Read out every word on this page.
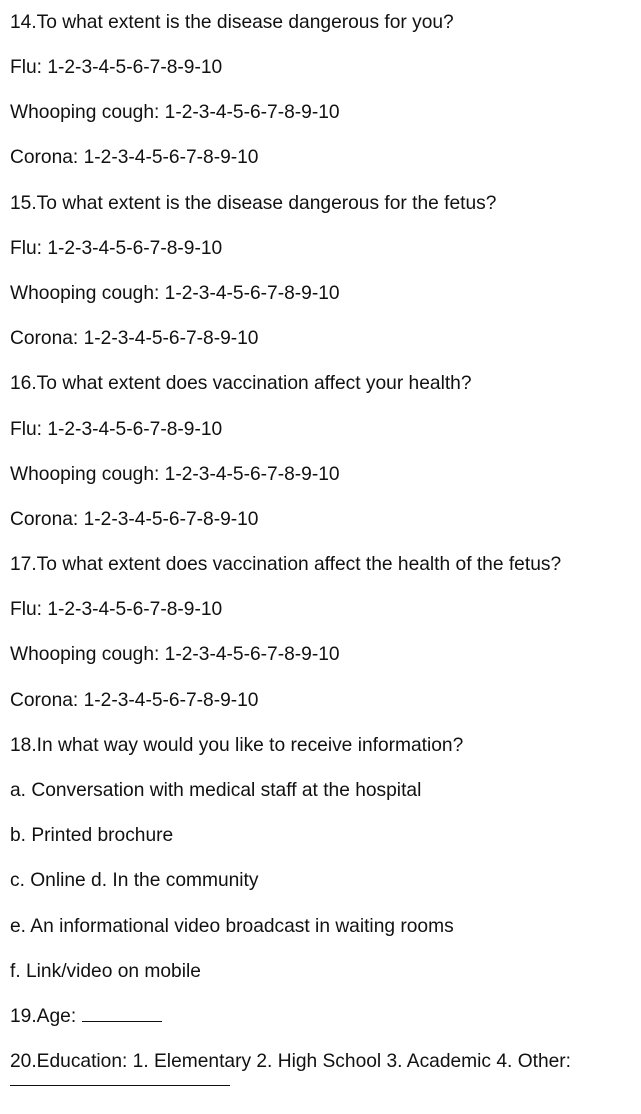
14.To what extent is the disease dangerous for you?
Flu: 1-2-3-4-5-6-7-8-9-10
Whooping cough: 1-2-3-4-5-6-7-8-9-10
Corona: 1-2-3-4-5-6-7-8-9-10
15.To what extent is the disease dangerous for the fetus?
Flu: 1-2-3-4-5-6-7-8-9-10
Whooping cough: 1-2-3-4-5-6-7-8-9-10
Corona: 1-2-3-4-5-6-7-8-9-10
16.To what extent does vaccination affect your health?
Flu: 1-2-3-4-5-6-7-8-9-10
Whooping cough: 1-2-3-4-5-6-7-8-9-10
Corona: 1-2-3-4-5-6-7-8-9-10
17.To what extent does vaccination affect the health of the fetus?
Flu: 1-2-3-4-5-6-7-8-9-10
Whooping cough: 1-2-3-4-5-6-7-8-9-10
Corona: 1-2-3-4-5-6-7-8-9-10
18.In what way would you like to receive information?
a. Conversation with medical staff at the hospital
b. Printed brochure
c. Online d. In the community
e. An informational video broadcast in waiting rooms
f. Link/video on mobile
19.Age:
20.Education: 1. Elementary 2. High School 3. Academic 4. Other:
